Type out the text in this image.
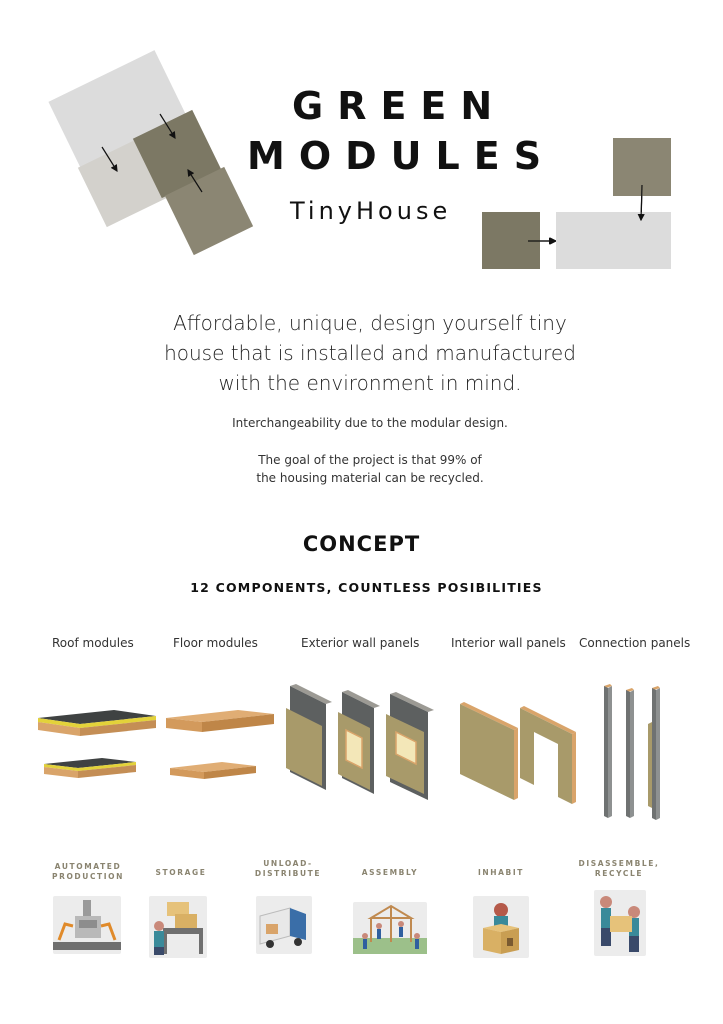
GREEN
MODULES
TinyHouse
Affordable, unique, design yourself tiny house that is installed and manufactured with the environment in mind.
Interchangeability due to the modular design.
The goal of the project is that 99% of the housing material can be recycled.
CONCEPT
12 COMPONENTS, COUNTLESS POSIBILITIES
Roof modules	Floor modules	Exterior wall panels	Interior wall panels Connection panels
AUTOMATED PRODUCTION	STORAGE
UNLOAD-DISTRIBUTE	ASSEMBLY	INHABIT
DISASSEMBLE, RECYCLE
